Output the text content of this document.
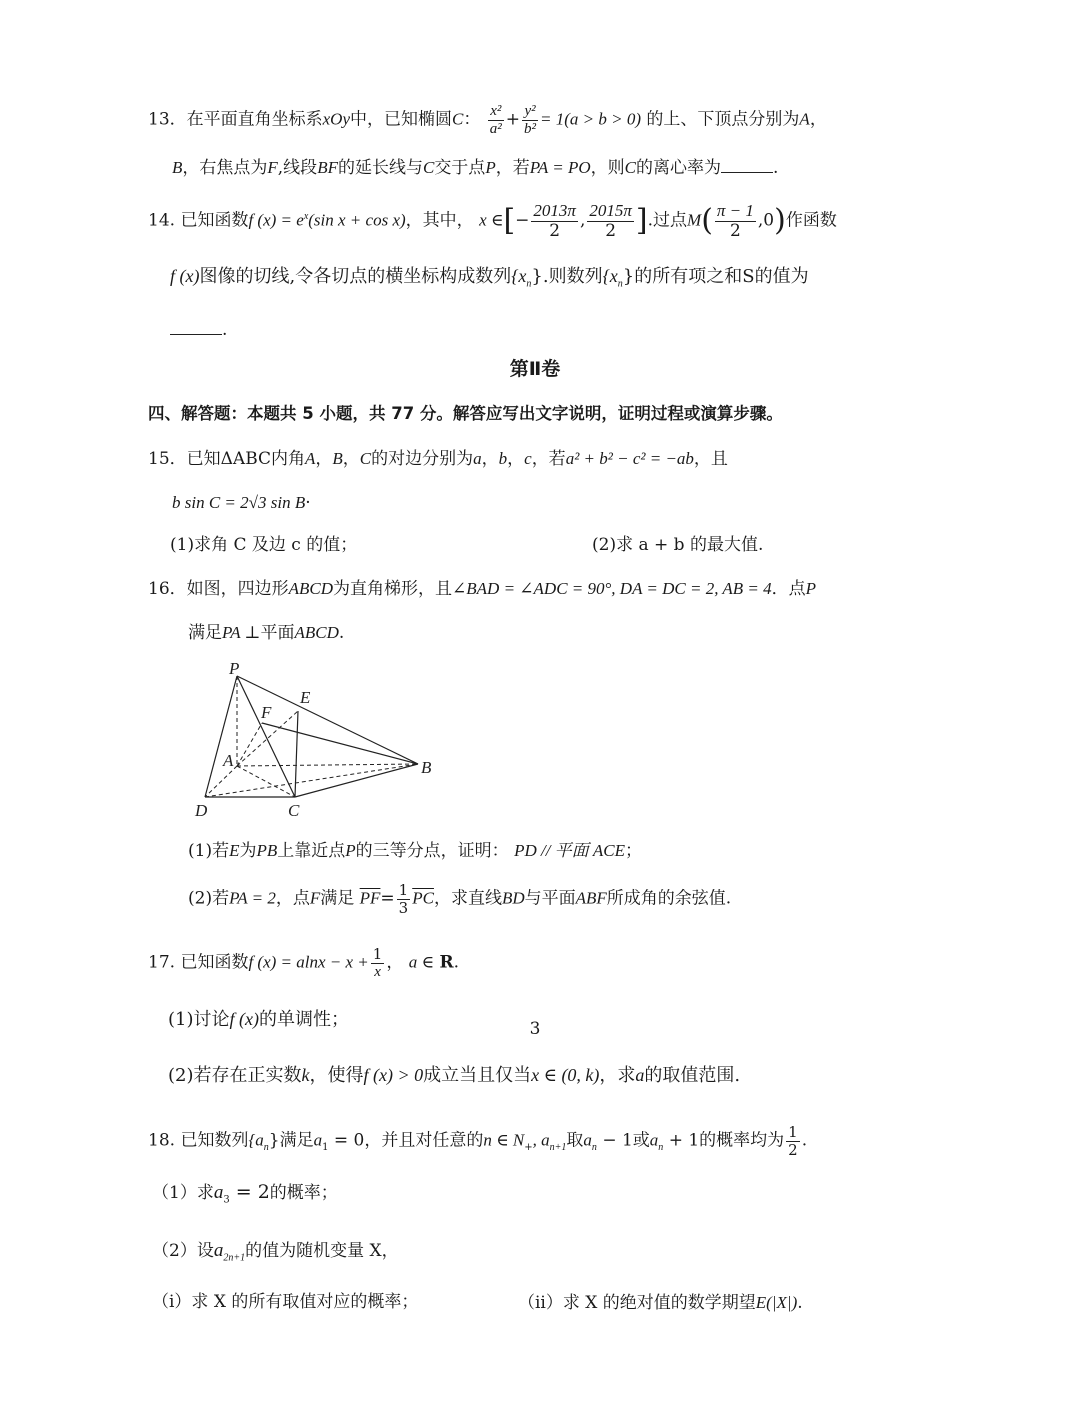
13．在平面直角坐标系xOy中，已知椭圆C： $\frac{\text{x²}}{\text{a²}} + \frac{\text{y²}}{\text{b²}} = 1(a > b > 0)$ 的上、下顶点分别为A，
B，右焦点为F,线段BF的延长线与C交于点P，若PA = PO，则C的离心率为	.
14. 已知函数f $(x) = e^x(\sin$ x + cos x)，其中， x ∈[− $\frac{2013\pi}{2}$ , $\frac{2015\pi}{2}$ ].过点$M( \frac{\pi - 1}{2} ,0)$作函数
f (x)图像的切线,令各切点的横坐标构成数列$\{x_n\}$.则数列$\{x_n\}$的所有项之和S的值为
.
第Ⅱ卷
四、解答题：本题共 5 小题，共 77 分。解答应写出文字说明，证明过程或演算步骤。
15．已知ΔABC内角A，B，C的对边分别为a，b，c，若a² + b² − c² = −ab，且
b sin C = 2√3 sin B·
(1)求角 C 及边 c 的值；	(2)求 a + b 的最大值.
16．如图，四边形ABCD为直角梯形，且∠BAD = ∠ADC = 90°, DA = DC = 2, AB = 4．点P
满足PA ⊥平面ABCD.
P
E
F
A	B
D	C
(1)若E为PB上靠近点P的三等分点，证明： PD // 平面 ACE；
(2)若PA = 2，点F满足 $\overline{PF}= \frac{1}{3} \overline{PC}$，求直线BD与平面ABF所成角的余弦值.
17. 已知函数f $(x) = alnx - x + \frac{1}{x}$ ， a ∈ R.
(1)讨论f (x)的单调性；
(2)若存在正实数k，使得f (x) > 0成立当且仅当x ∈ (0, k)，求a的取值范围.
18. 已知数列$\{a_n\}$满足$a_1 = 0$，并且对任意的n ∈ $N_+$, $a_{n+1}$取$a_n - 1$或$a_n + 1$的概率均为 $\frac{1}{2}$ .
（1）求$a_3 = 2$的概率；
（2）设$a_{2n+1}$的值为随机变量 X，
（i）求 X 的所有取值对应的概率；	（ii）求 X 的绝对值的数学期望E(|X|).
3
